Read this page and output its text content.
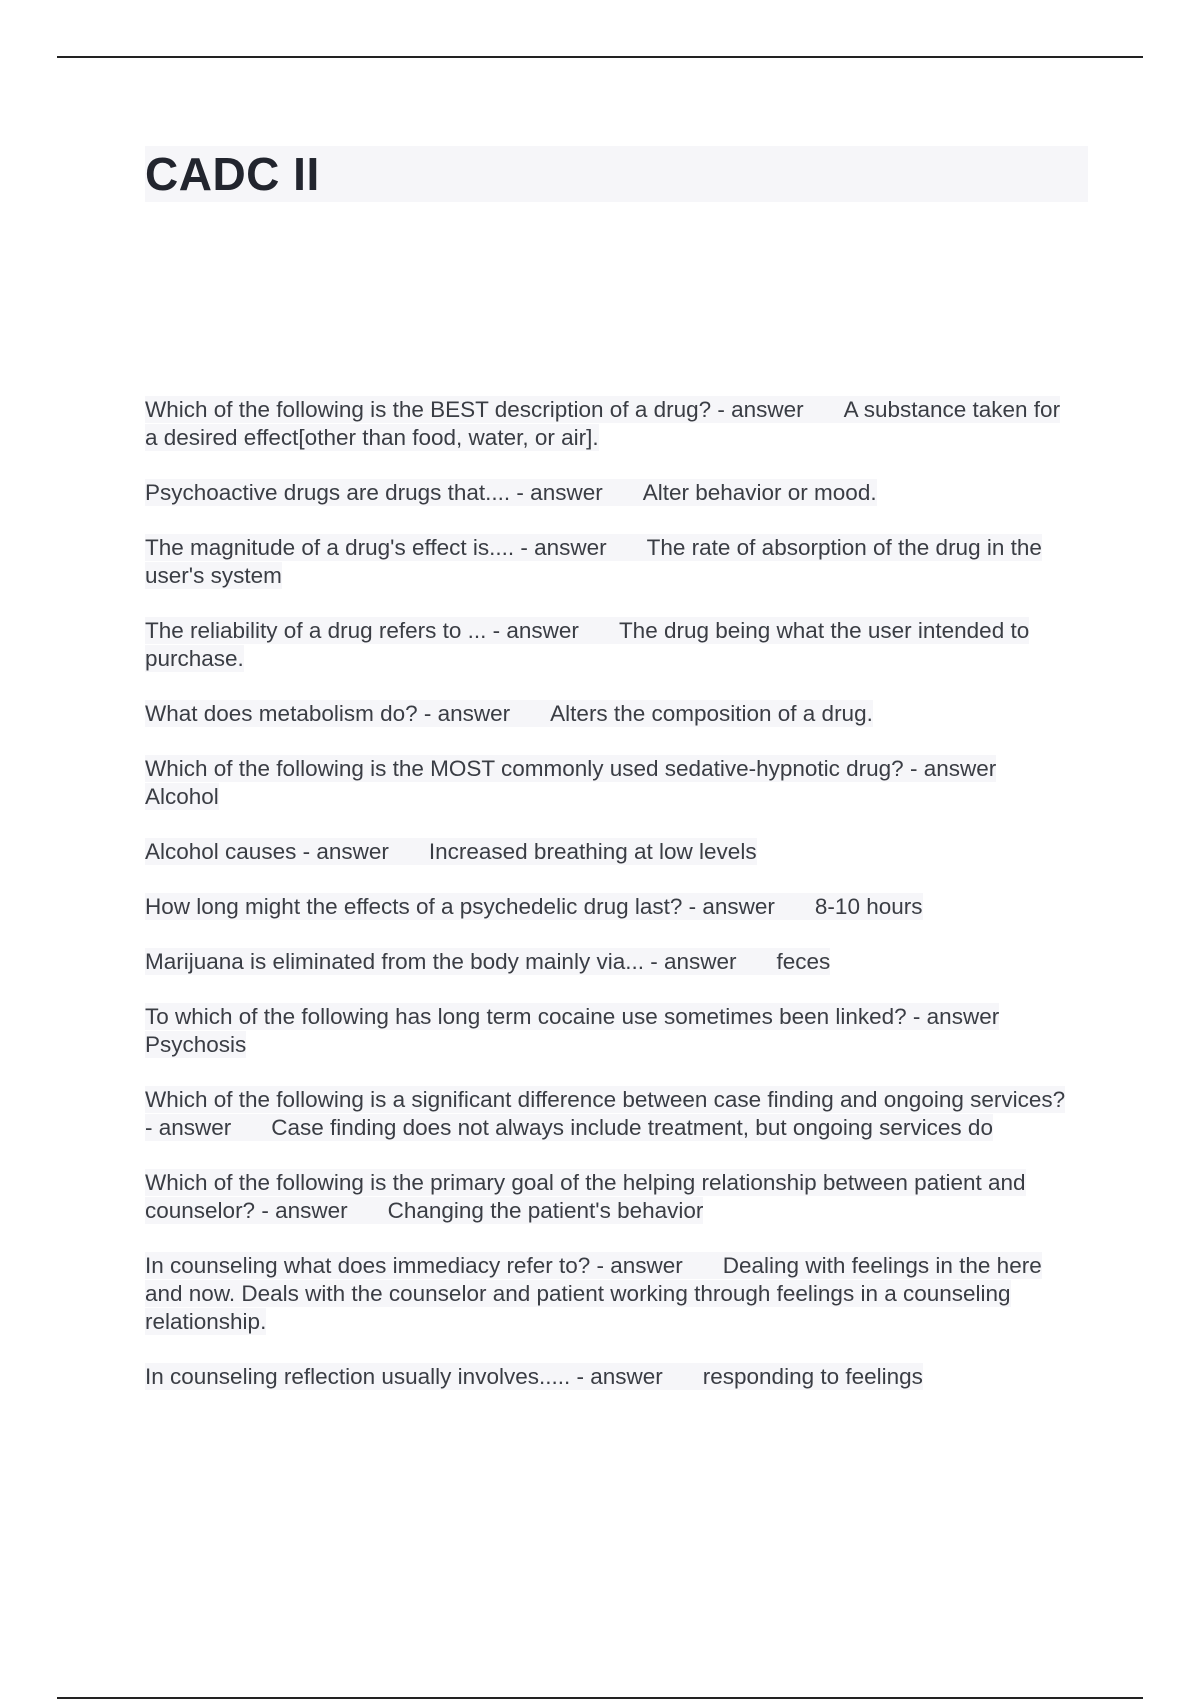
CADC II

Which of the following is the BEST description of a drug? - answer A substance taken for a desired effect[other than food, water, or air].

Psychoactive drugs are drugs that.... - answer Alter behavior or mood.

The magnitude of a drug's effect is.... - answer The rate of absorption of the drug in the user's system

The reliability of a drug refers to ... - answer The drug being what the user intended to purchase.

What does metabolism do? - answer Alters the composition of a drug.

Which of the following is the MOST commonly used sedative-hypnotic drug? - answer Alcohol

Alcohol causes - answer Increased breathing at low levels

How long might the effects of a psychedelic drug last? - answer 8-10 hours

Marijuana is eliminated from the body mainly via... - answer feces

To which of the following has long term cocaine use sometimes been linked? - answer Psychosis

Which of the following is a significant difference between case finding and ongoing services? - answer Case finding does not always include treatment, but ongoing services do

Which of the following is the primary goal of the helping relationship between patient and counselor? - answer Changing the patient's behavior

In counseling what does immediacy refer to? - answer Dealing with feelings in the here and now. Deals with the counselor and patient working through feelings in a counseling relationship.

In counseling reflection usually involves..... - answer responding to feelings
